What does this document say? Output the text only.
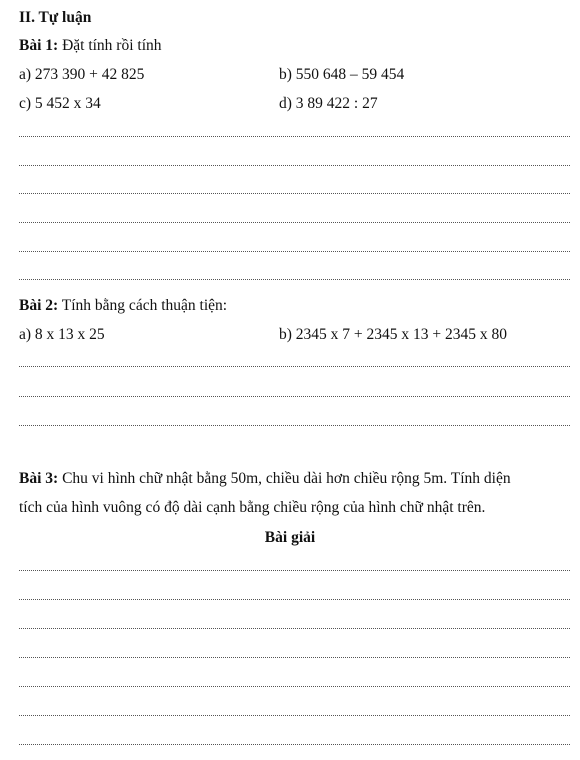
II. Tự luận
Bài 1: Đặt tính rồi tính
a) 273 390 + 42 825	b) 550 648 – 59 454
c) 5 452 x 34	d) 3 89 422 : 27
Bài 2: Tính bằng cách thuận tiện:
a) 8 x 13 x 25	b) 2345 x 7 + 2345 x 13 + 2345 x 80
Bài 3: Chu vi hình chữ nhật bằng 50m, chiều dài hơn chiều rộng 5m. Tính diện
tích của hình vuông có độ dài cạnh bằng chiều rộng của hình chữ nhật trên.
Bài giải
